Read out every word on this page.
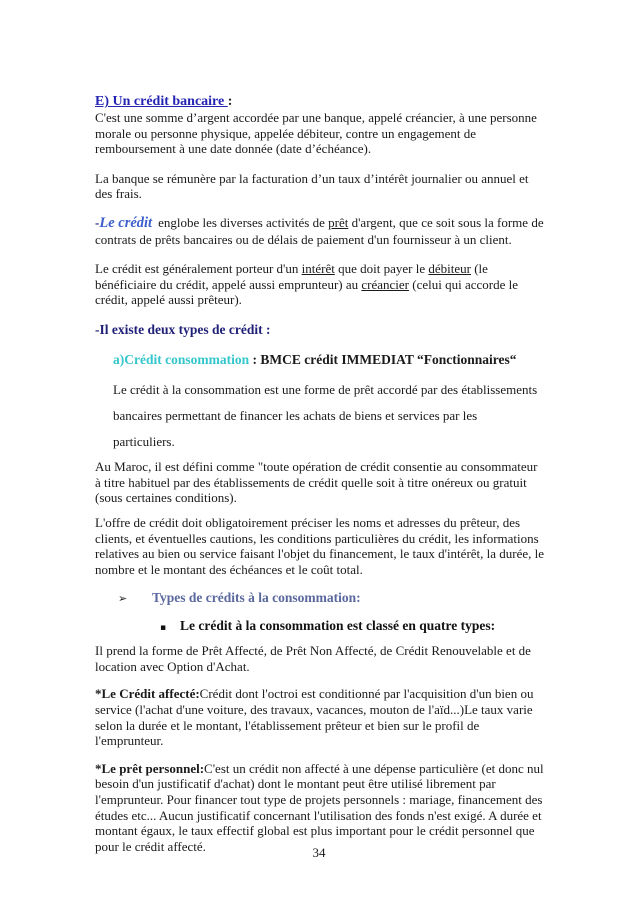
E) Un crédit bancaire :

C'est une somme d’argent accordée par une banque, appelé créancier, à une personne morale ou personne physique, appelée débiteur, contre un engagement de remboursement à une date donnée (date d’échéance).

La banque se rémunère par la facturation d’un taux d’intérêt journalier ou annuel et des frais.

-Le crédit englobe les diverses activités de prêt d'argent, que ce soit sous la forme de contrats de prêts bancaires ou de délais de paiement d'un fournisseur à un client.

Le crédit est généralement porteur d'un intérêt que doit payer le débiteur (le bénéficiaire du crédit, appelé aussi emprunteur) au créancier (celui qui accorde le crédit, appelé aussi prêteur).

-Il existe deux types de crédit :

a)Crédit consommation : BMCE crédit IMMEDIAT “Fonctionnaires“

Le crédit à la consommation est une forme de prêt accordé par des établissements bancaires permettant de financer les achats de biens et services par les particuliers.

Au Maroc, il est défini comme "toute opération de crédit consentie au consommateur à titre habituel par des établissements de crédit quelle soit à titre onéreux ou gratuit (sous certaines conditions).

L'offre de crédit doit obligatoirement préciser les noms et adresses du prêteur, des clients, et éventuelles cautions, les conditions particulières du crédit, les informations relatives au bien ou service faisant l'objet du financement, le taux d'intérêt, la durée, le nombre et le montant des échéances et le coût total.

➢	Types de crédits à la consommation:
▪	Le crédit à la consommation est classé en quatre types:

Il prend la forme de Prêt Affecté, de Prêt Non Affecté, de Crédit Renouvelable et de location avec Option d'Achat.

*Le Crédit affecté:Crédit dont l'octroi est conditionné par l'acquisition d'un bien ou service (l'achat d'une voiture, des travaux, vacances, mouton de l'aïd...)Le taux varie selon la durée et le montant, l'établissement prêteur et bien sur le profil de l'emprunteur.

*Le prêt personnel:C'est un crédit non affecté à une dépense particulière (et donc nul besoin d'un justificatif d'achat) dont le montant peut être utilisé librement par l'emprunteur. Pour financer tout type de projets personnels : mariage, financement des études etc... Aucun justificatif concernant l'utilisation des fonds n'est exigé. A durée et montant égaux, le taux effectif global est plus important pour le crédit personnel que pour le crédit affecté.	34
